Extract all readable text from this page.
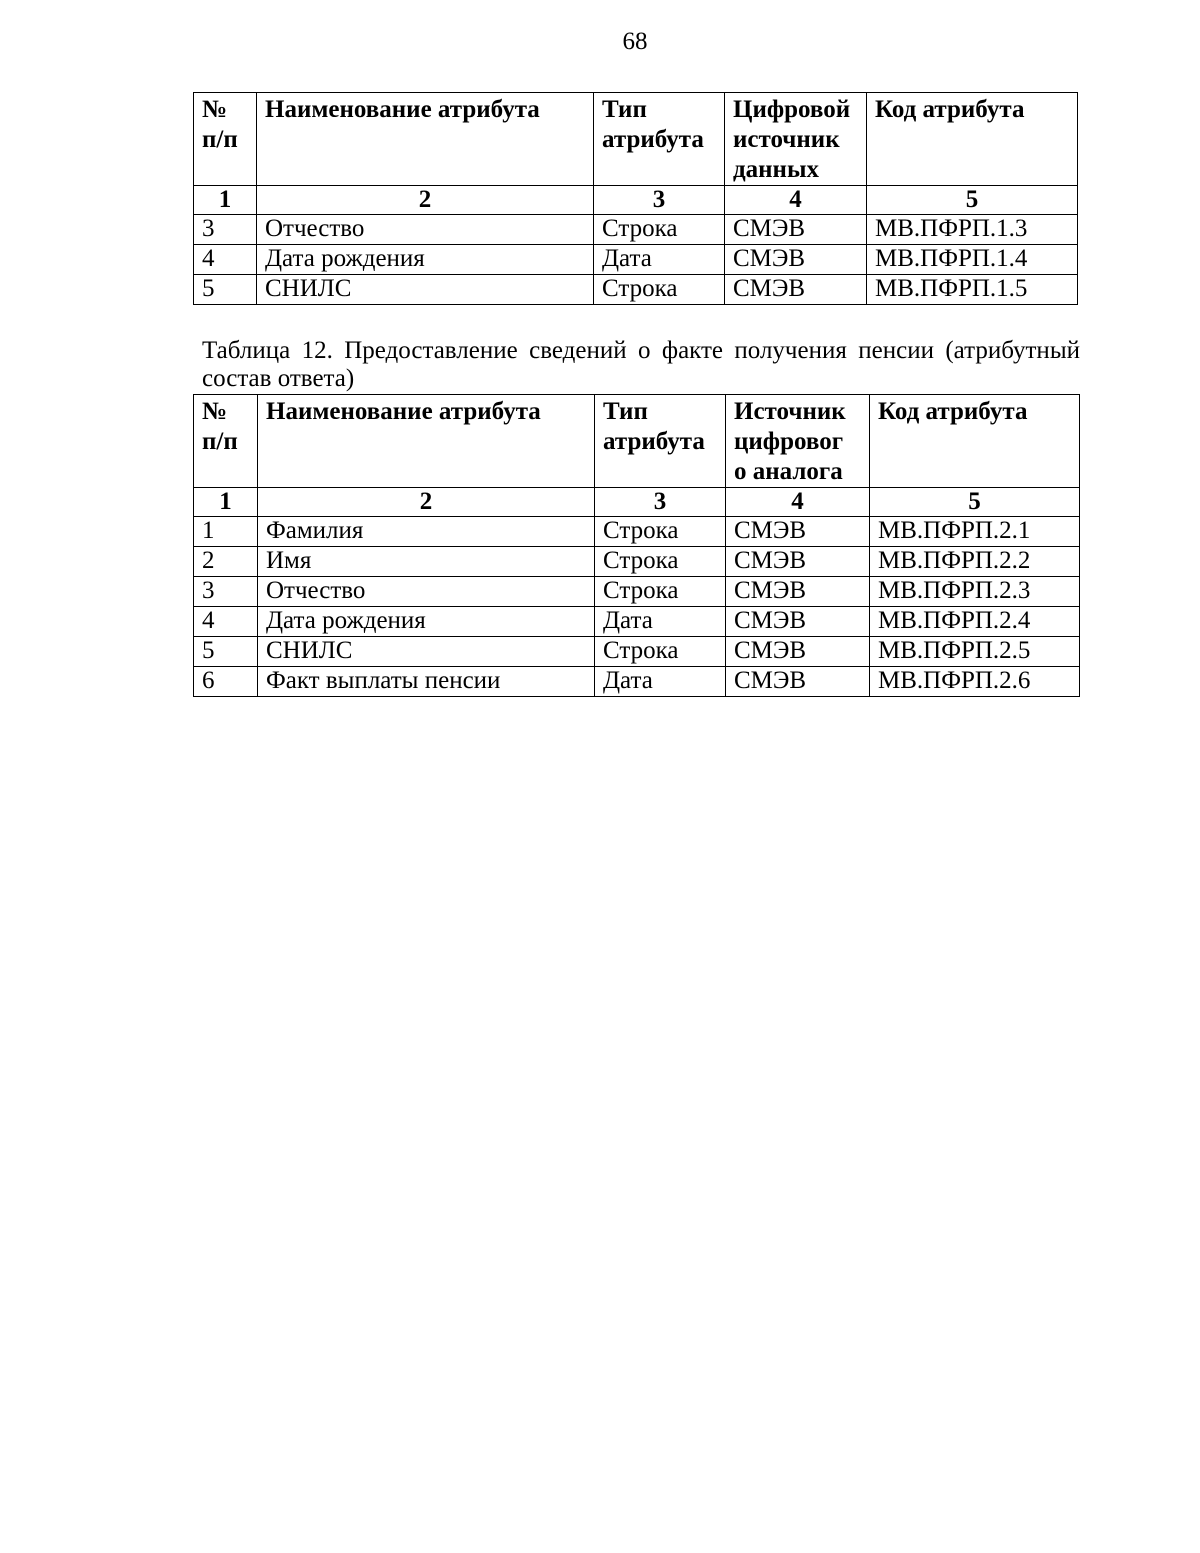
68
№ п/п	Наименование атрибута	Тип атрибута	Цифровой источник данных	Код атрибута
1	2	3	4	5
3	Отчество	Строка	СМЭВ	МВ.ПФРП.1.3
4	Дата рождения	Дата	СМЭВ	МВ.ПФРП.1.4
5	СНИЛС	Строка	СМЭВ	МВ.ПФРП.1.5
Таблица 12. Предоставление сведений о факте получения пенсии (атрибутный состав ответа)
№ п/п	Наименование атрибута	Тип атрибута	Источник цифровог о аналога	Код атрибута
1	2	3	4	5
1	Фамилия	Строка	СМЭВ	МВ.ПФРП.2.1
2	Имя	Строка	СМЭВ	МВ.ПФРП.2.2
3	Отчество	Строка	СМЭВ	МВ.ПФРП.2.3
4	Дата рождения	Дата	СМЭВ	МВ.ПФРП.2.4
5	СНИЛС	Строка	СМЭВ	МВ.ПФРП.2.5
6	Факт выплаты пенсии	Дата	СМЭВ	МВ.ПФРП.2.6
